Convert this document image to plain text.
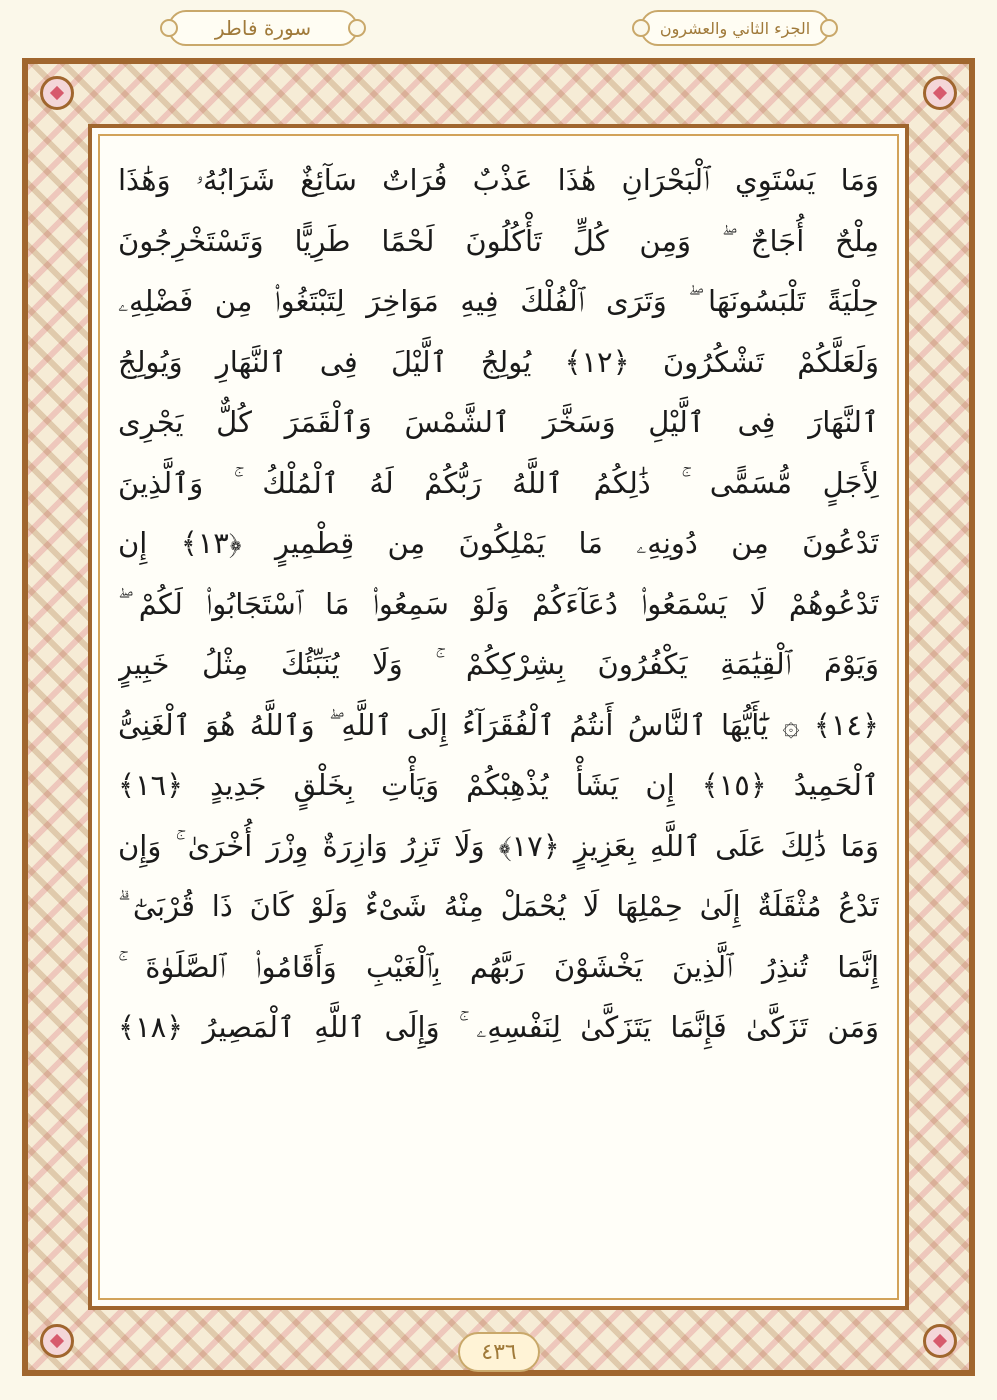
سورة فاطر	الجزء الثاني والعشرون
وَمَا يَسْتَوِي ٱلْبَحْرَانِ هَٰذَا عَذْبٌ فُرَاتٌ سَآئِغٌ شَرَابُهُۥ وَهَٰذَا
مِلْحٌ أُجَاجٌ ۖ وَمِن كُلٍّ تَأْكُلُونَ لَحْمًا طَرِيًّا وَتَسْتَخْرِجُونَ
حِلْيَةً تَلْبَسُونَهَا ۖ وَتَرَى ٱلْفُلْكَ فِيهِ مَوَاخِرَ لِتَبْتَغُوا۟ مِن فَضْلِهِۦ
وَلَعَلَّكُمْ تَشْكُرُونَ ﴿١٢﴾ يُولِجُ ٱلَّيْلَ فِى ٱلنَّهَارِ وَيُولِجُ
ٱلنَّهَارَ فِى ٱلَّيْلِ وَسَخَّرَ ٱلشَّمْسَ وَٱلْقَمَرَ كُلٌّ يَجْرِى
لِأَجَلٍ مُّسَمًّى ۚ ذَٰلِكُمُ ٱللَّهُ رَبُّكُمْ لَهُ ٱلْمُلْكُ ۚ وَٱلَّذِينَ
تَدْعُونَ مِن دُونِهِۦ مَا يَمْلِكُونَ مِن قِطْمِيرٍ ﴿١٣﴾ إِن
تَدْعُوهُمْ لَا يَسْمَعُوا۟ دُعَآءَكُمْ وَلَوْ سَمِعُوا۟ مَا ٱسْتَجَابُوا۟ لَكُمْ ۖ
وَيَوْمَ ٱلْقِيَٰمَةِ يَكْفُرُونَ بِشِرْكِكُمْ ۚ وَلَا يُنَبِّئُكَ مِثْلُ خَبِيرٍ
﴿١٤﴾ ۞ يَٰٓأَيُّهَا ٱلنَّاسُ أَنتُمُ ٱلْفُقَرَآءُ إِلَى ٱللَّهِ ۖ وَٱللَّهُ هُوَ ٱلْغَنِىُّ
ٱلْحَمِيدُ ﴿١٥﴾ إِن يَشَأْ يُذْهِبْكُمْ وَيَأْتِ بِخَلْقٍ جَدِيدٍ ﴿١٦﴾
وَمَا ذَٰلِكَ عَلَى ٱللَّهِ بِعَزِيزٍ ﴿١٧﴾ وَلَا تَزِرُ وَازِرَةٌ وِزْرَ أُخْرَىٰ ۚ وَإِن
تَدْعُ مُثْقَلَةٌ إِلَىٰ حِمْلِهَا لَا يُحْمَلْ مِنْهُ شَىْءٌ وَلَوْ كَانَ ذَا قُرْبَىٰٓ ۗ
إِنَّمَا تُنذِرُ ٱلَّذِينَ يَخْشَوْنَ رَبَّهُم بِٱلْغَيْبِ وَأَقَامُوا۟ ٱلصَّلَوٰةَ ۚ
وَمَن تَزَكَّىٰ فَإِنَّمَا يَتَزَكَّىٰ لِنَفْسِهِۦ ۚ وَإِلَى ٱللَّهِ ٱلْمَصِيرُ ﴿١٨﴾
٤٣٦
